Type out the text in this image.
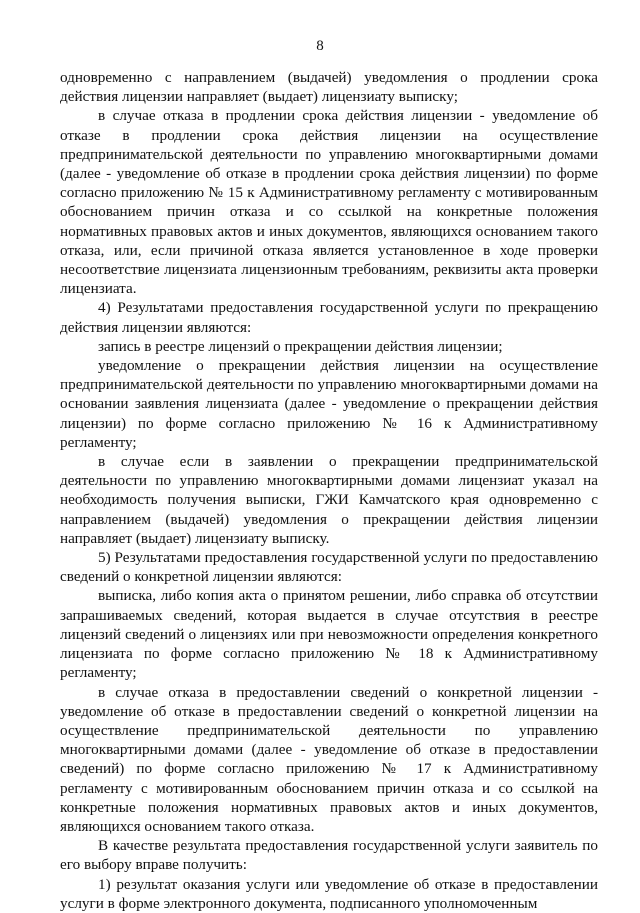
8

одновременно с направлением (выдачей) уведомления о продлении срока действия лицензии направляет (выдает) лицензиату выписку;

в случае отказа в продлении срока действия лицензии - уведомление об отказе в продлении срока действия лицензии на осуществление предпринимательской деятельности по управлению многоквартирными домами (далее - уведомление об отказе в продлении срока действия лицензии) по форме согласно приложению № 15 к Административному регламенту с мотивированным обоснованием причин отказа и со ссылкой на конкретные положения нормативных правовых актов и иных документов, являющихся основанием такого отказа, или, если причиной отказа является установленное в ходе проверки несоответствие лицензиата лицензионным требованиям, реквизиты акта проверки лицензиата.

4) Результатами предоставления государственной услуги по прекращению действия лицензии являются:

запись в реестре лицензий о прекращении действия лицензии;

уведомление о прекращении действия лицензии на осуществление предпринимательской деятельности по управлению многоквартирными домами на основании заявления лицензиата (далее - уведомление о прекращении действия лицензии) по форме согласно приложению № 16 к Административному регламенту;

в случае если в заявлении о прекращении предпринимательской деятельности по управлению многоквартирными домами лицензиат указал на необходимость получения выписки, ГЖИ Камчатского края одновременно с направлением (выдачей) уведомления о прекращении действия лицензии направляет (выдает) лицензиату выписку.

5) Результатами предоставления государственной услуги по предоставлению сведений о конкретной лицензии являются:

выписка, либо копия акта о принятом решении, либо справка об отсутствии запрашиваемых сведений, которая выдается в случае отсутствия в реестре лицензий сведений о лицензиях или при невозможности определения конкретного лицензиата по форме согласно приложению № 18 к Административному регламенту;

в случае отказа в предоставлении сведений о конкретной лицензии - уведомление об отказе в предоставлении сведений о конкретной лицензии на осуществление предпринимательской деятельности по управлению многоквартирными домами (далее - уведомление об отказе в предоставлении сведений) по форме согласно приложению № 17 к Административному регламенту с мотивированным обоснованием причин отказа и со ссылкой на конкретные положения нормативных правовых актов и иных документов, являющихся основанием такого отказа.

В качестве результата предоставления государственной услуги заявитель по его выбору вправе получить:

1) результат оказания услуги или уведомление об отказе в предоставлении услуги в форме электронного документа, подписанного уполномоченным
